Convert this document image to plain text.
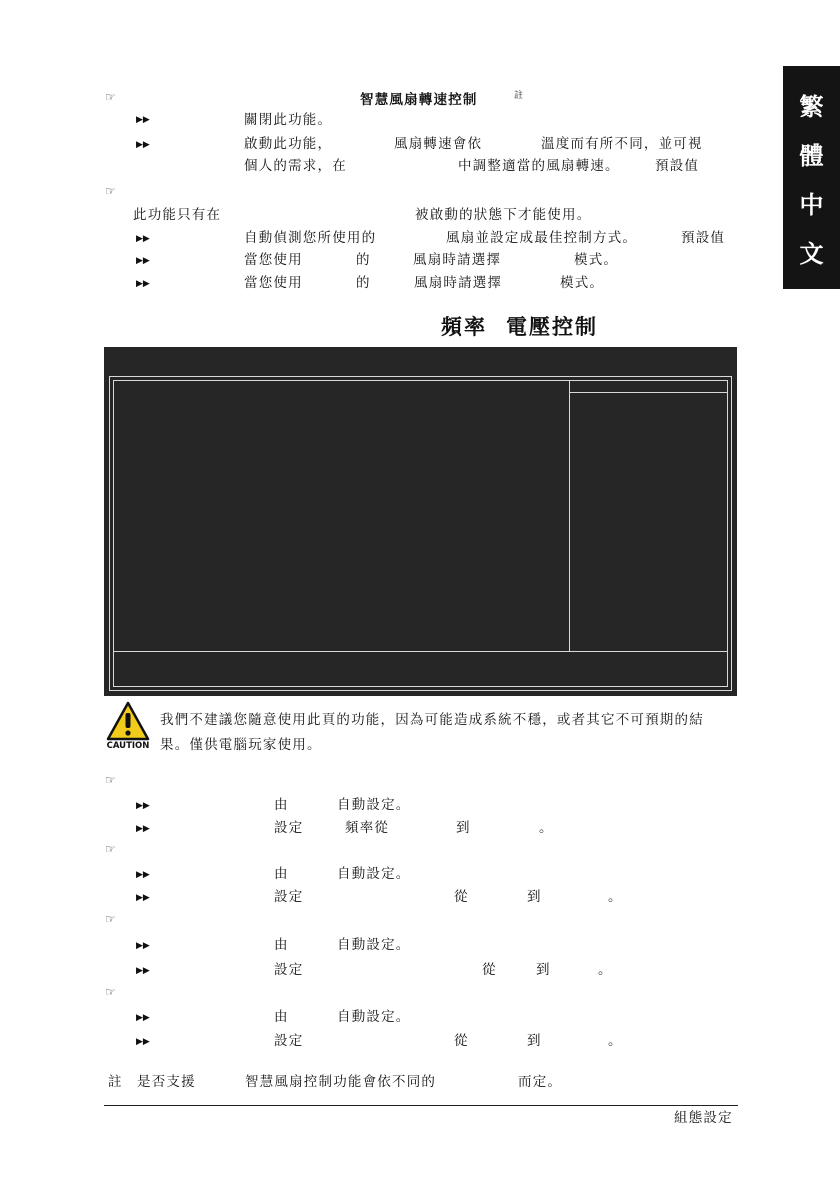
繁
體
中
文
☞	智慧風扇轉速控制	註
▶▶	關閉此功能。
▶▶	啟動此功能，	風扇轉速會依	溫度而有所不同，並可視
個人的需求，在	中調整適當的風扇轉速。	預設值
☞
此功能只有在	被啟動的狀態下才能使用。
▶▶	自動偵測您所使用的	風扇並設定成最佳控制方式。	預設值
▶▶	當您使用	的	風扇時請選擇	模式。
▶▶	當您使用	的	風扇時請選擇	模式。
頻率 電壓控制
CAUTION
我們不建議您隨意使用此頁的功能，因為可能造成系統不穩，或者其它不可預期的結
果。僅供電腦玩家使用。
☞
▶▶	由	自動設定。
▶▶	設定	頻率從	到	。
☞
▶▶	由	自動設定。
▶▶	設定	從	到	。
☞
▶▶	由	自動設定。
▶▶	設定	從	到	。
☞
▶▶	由	自動設定。
▶▶	設定	從	到	。
註 是否支援	智慧風扇控制功能會依不同的	而定。
組態設定
